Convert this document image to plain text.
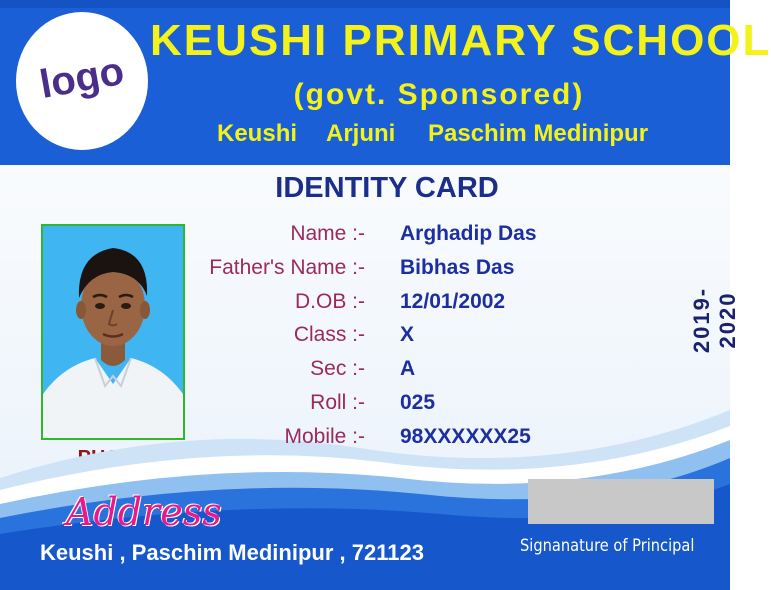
logo
KEUSHI PRIMARY SCHOOL
(govt. Sponsored)
Keushi Arjuni Paschim Medinipur
IDENTITY CARD
Name :- Arghadip Das
Father's Name :- Bibhas Das
D.OB :- 12/01/2002
Class :- X
Sec :- A
Roll :- 025
Mobile :- 98XXXXXX25
2019-2020
Address
Keushi , Paschim Medinipur , 721123	Signanature of Principal
